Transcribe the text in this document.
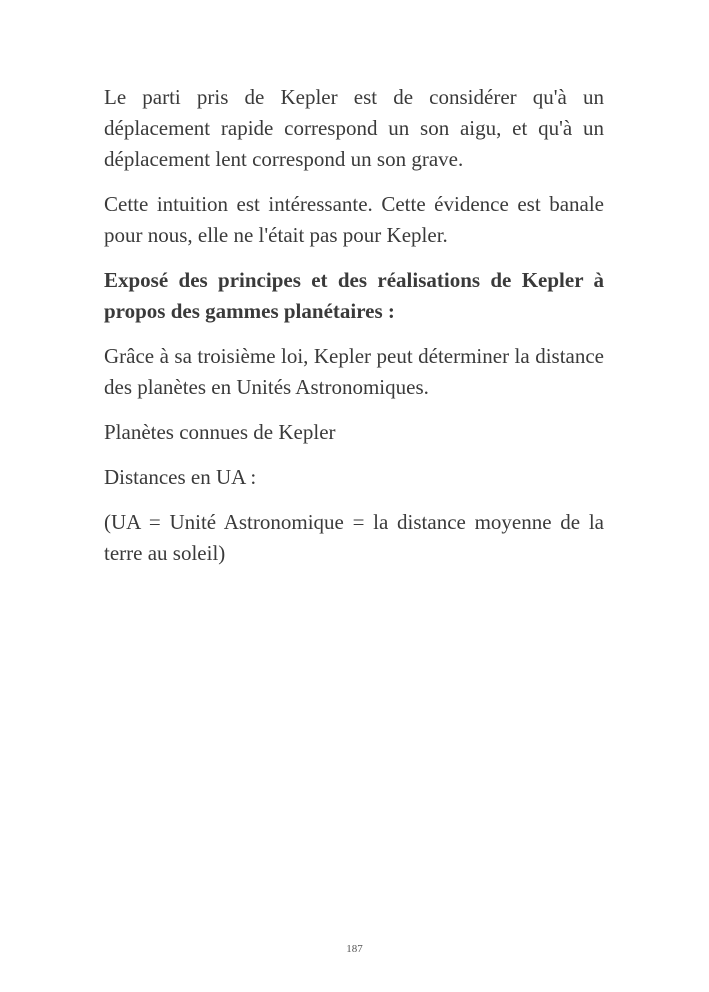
Le parti pris de Kepler est de considérer qu'à un déplacement rapide correspond un son aigu, et qu'à un déplacement lent correspond un son grave.

Cette intuition est intéressante. Cette évidence est banale pour nous, elle ne l'était pas pour Kepler.

Exposé des principes et des réalisations de Kepler à propos des gammes planétaires :

Grâce à sa troisième loi, Kepler peut déterminer la distance des planètes en Unités Astronomiques.

Planètes connues de Kepler

Distances en UA :

(UA = Unité Astronomique = la distance moyenne de la terre au soleil)

187
